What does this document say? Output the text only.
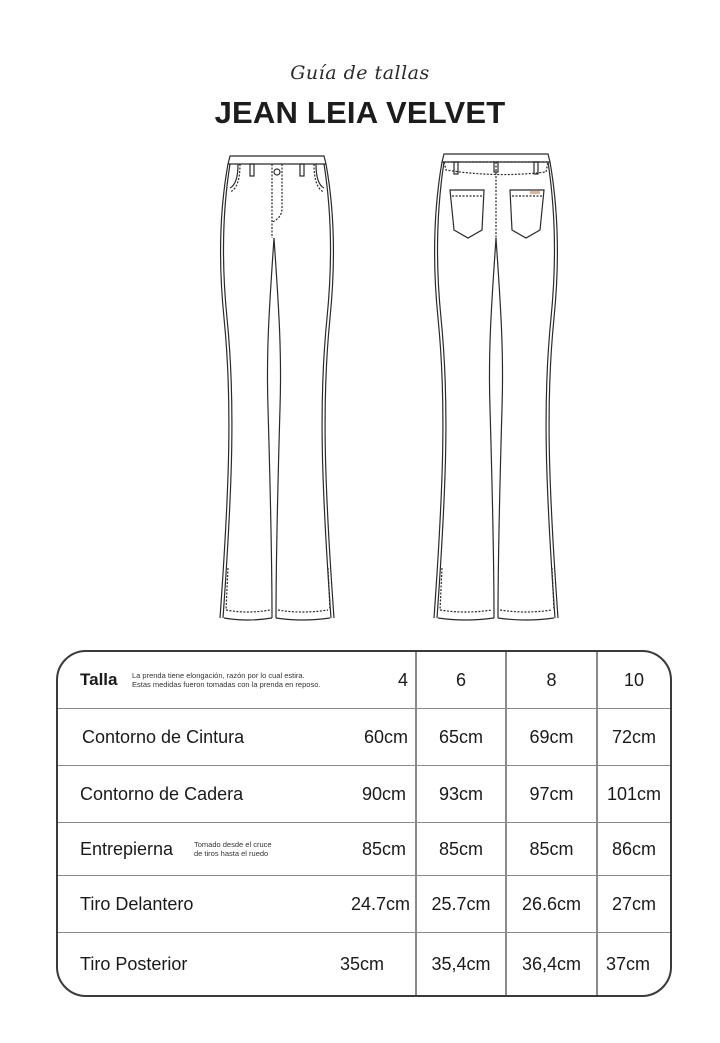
Guía de tallas
JEAN LEIA VELVET
Talla La prenda tiene elongación, razón por lo cual estira.
Estas medidas fueron tomadas con la prenda en reposo.	4	6	8	10
Contorno de Cintura	60cm	65cm	69cm	72cm
Contorno de Cadera	90cm	93cm	97cm	101cm
Entrepierna	Tomado desde el cruce
de tiros hasta el ruedo	85cm	85cm	85cm	86cm
Tiro Delantero	24.7cm	25.7cm	26.6cm	27cm
Tiro Posterior	35cm	35,4cm	36,4cm	37cm
